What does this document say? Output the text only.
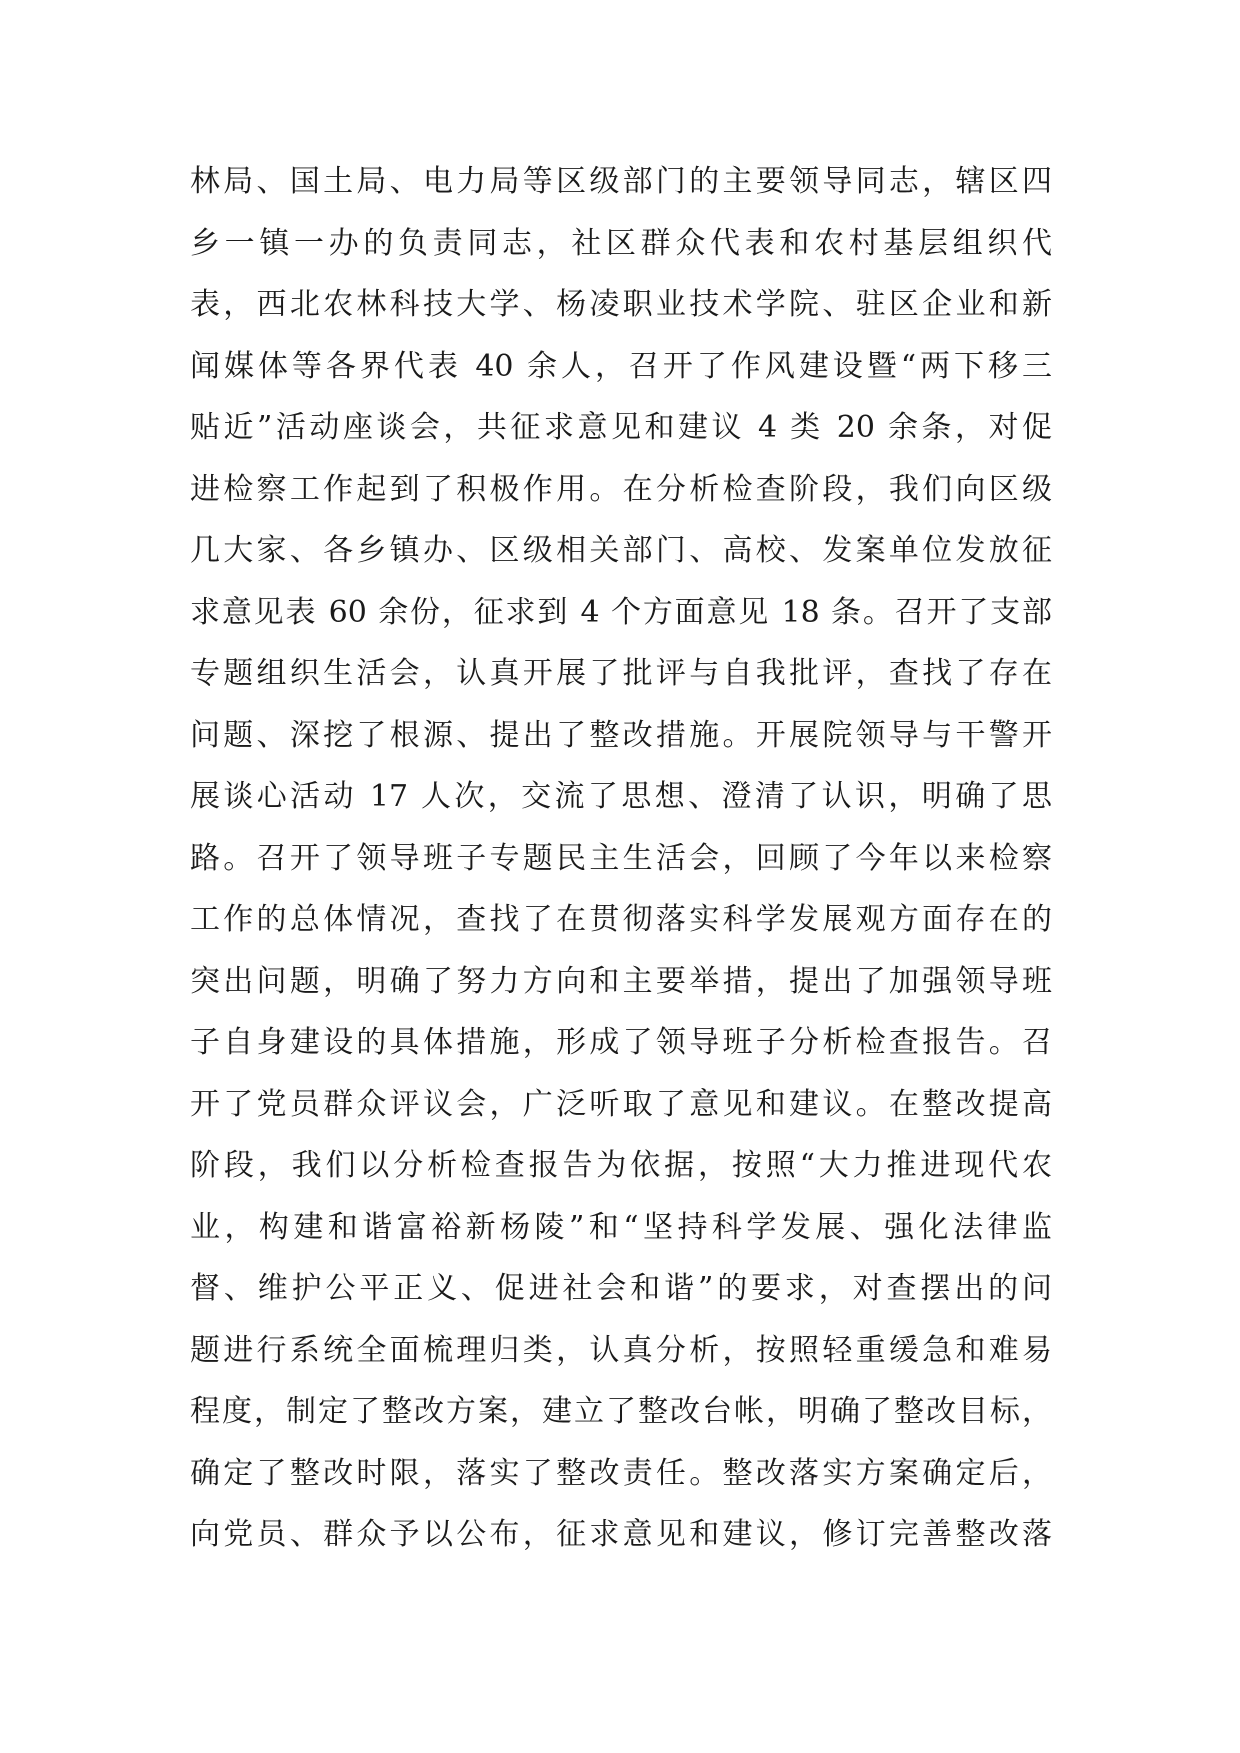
林局、国土局、电力局等区级部门的主要领导同志，辖区四
乡一镇一办的负责同志，社区群众代表和农村基层组织代
表，西北农林科技大学、杨凌职业技术学院、驻区企业和新
闻媒体等各界代表 40 余人，召开了作风建设暨“两下移三
贴近”活动座谈会，共征求意见和建议 4 类 20 余条，对促
进检察工作起到了积极作用。在分析检查阶段，我们向区级
几大家、各乡镇办、区级相关部门、高校、发案单位发放征
求意见表 60 余份，征求到 4 个方面意见 18 条。召开了支部
专题组织生活会，认真开展了批评与自我批评，查找了存在
问题、深挖了根源、提出了整改措施。开展院领导与干警开
展谈心活动 17 人次，交流了思想、澄清了认识，明确了思
路。召开了领导班子专题民主生活会，回顾了今年以来检察
工作的总体情况，查找了在贯彻落实科学发展观方面存在的
突出问题，明确了努力方向和主要举措，提出了加强领导班
子自身建设的具体措施，形成了领导班子分析检查报告。召
开了党员群众评议会，广泛听取了意见和建议。在整改提高
阶段，我们以分析检查报告为依据，按照“大力推进现代农
业，构建和谐富裕新杨陵”和“坚持科学发展、强化法律监
督、维护公平正义、促进社会和谐”的要求，对查摆出的问
题进行系统全面梳理归类，认真分析，按照轻重缓急和难易
程度，制定了整改方案，建立了整改台帐，明确了整改目标，
确定了整改时限，落实了整改责任。整改落实方案确定后，
向党员、群众予以公布，征求意见和建议，修订完善整改落
